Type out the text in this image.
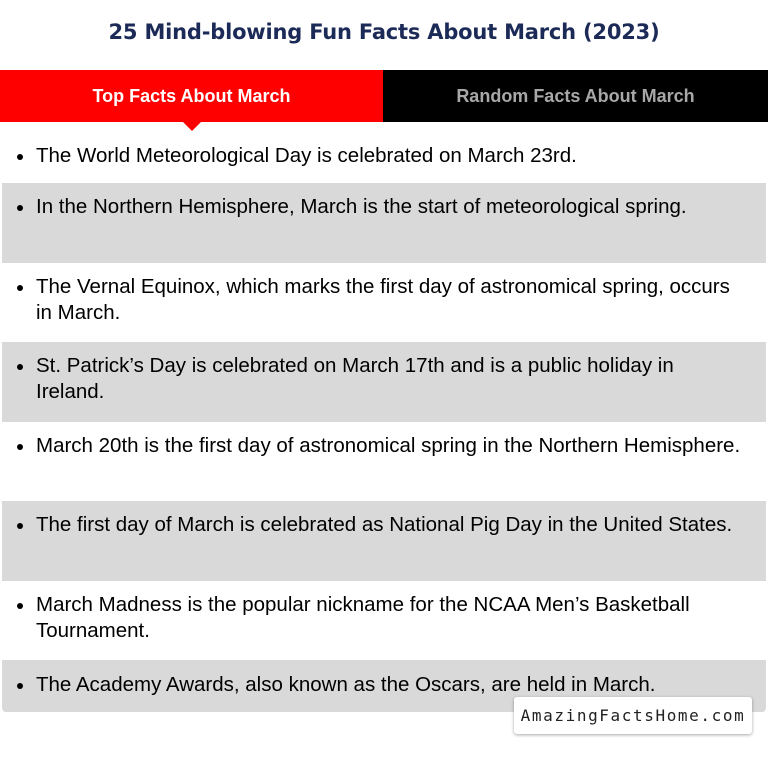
25 Mind-blowing Fun Facts About March (2023)
Top Facts About March	Random Facts About March
The World Meteorological Day is celebrated on March 23rd.
In the Northern Hemisphere, March is the start of meteorological spring.
The Vernal Equinox, which marks the first day of astronomical spring, occurs in March.
St. Patrick’s Day is celebrated on March 17th and is a public holiday in Ireland.
March 20th is the first day of astronomical spring in the Northern Hemisphere.
The first day of March is celebrated as National Pig Day in the United States.
March Madness is the popular nickname for the NCAA Men’s Basketball Tournament.
The Academy Awards, also known as the Oscars, are held in March.
AmazingFactsHome.com
